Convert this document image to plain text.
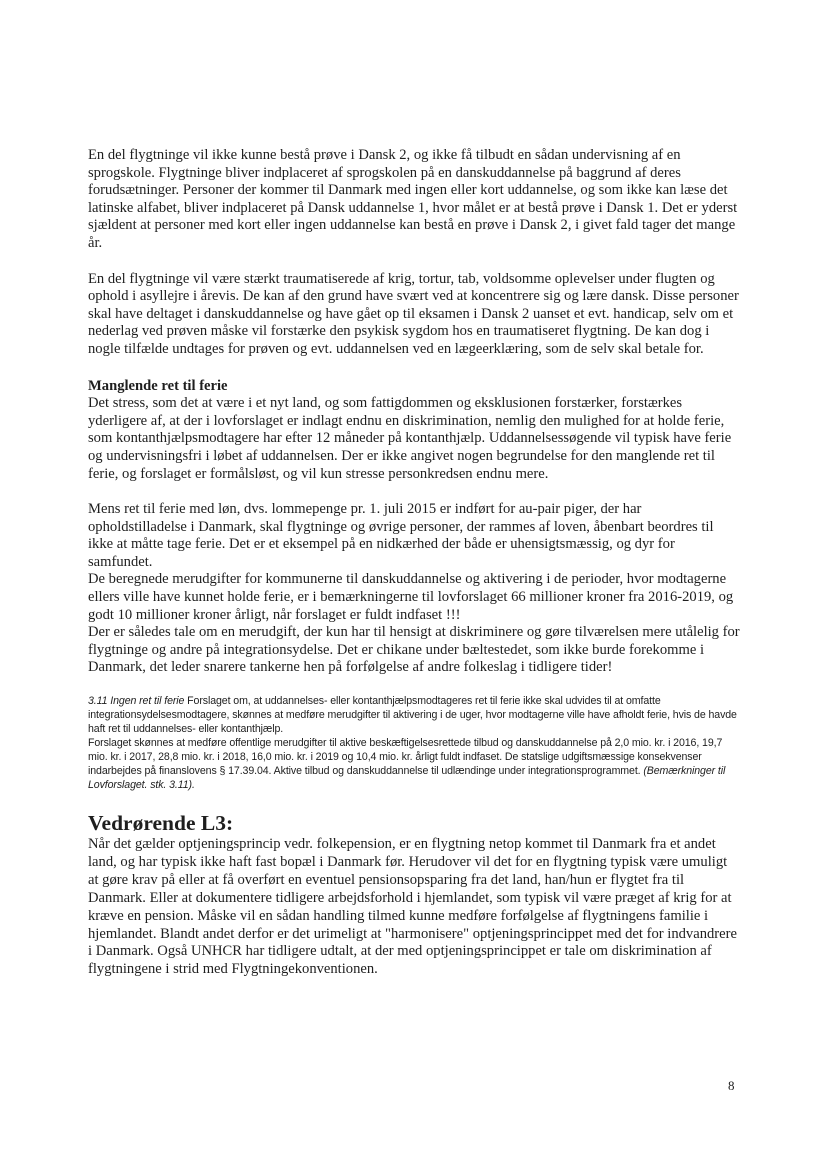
En del flygtninge vil ikke kunne bestå prøve i Dansk 2, og ikke få tilbudt en sådan undervisning af en sprogskole. Flygtninge bliver indplaceret af sprogskolen på en danskuddannelse på baggrund af deres forudsætninger. Personer der kommer til Danmark med ingen eller kort uddannelse, og som ikke kan læse det latinske alfabet, bliver indplaceret på Dansk uddannelse 1, hvor målet er at bestå prøve i Dansk 1. Det er yderst sjældent at personer med kort eller ingen uddannelse kan bestå en prøve i Dansk 2, i givet fald tager det mange år.

En del flygtninge vil være stærkt traumatiserede af krig, tortur, tab, voldsomme oplevelser under flugten og ophold i asyllejre i årevis. De kan af den grund have svært ved at koncentrere sig og lære dansk. Disse personer skal have deltaget i danskuddannelse og have gået op til eksamen i Dansk 2 uanset et evt. handicap, selv om et nederlag ved prøven måske vil forstærke den psykisk sygdom hos en traumatiseret flygtning. De kan dog i nogle tilfælde undtages for prøven og evt. uddannelsen ved en lægeerklæring, som de selv skal betale for.

Manglende ret til ferie

Det stress, som det at være i et nyt land, og som fattigdommen og eksklusionen forstærker, forstærkes yderligere af, at der i lovforslaget er indlagt endnu en diskrimination, nemlig den mulighed for at holde ferie, som kontanthjælpsmodtagere har efter 12 måneder på kontanthjælp. Uddannelsessøgende vil typisk have ferie og undervisningsfri i løbet af uddannelsen. Der er ikke angivet nogen begrundelse for den manglende ret til ferie, og forslaget er formålsløst, og vil kun stresse personkredsen endnu mere.

Mens ret til ferie med løn, dvs. lommepenge pr. 1. juli 2015 er indført for au-pair piger, der har opholdstilladelse i Danmark, skal flygtninge og øvrige personer, der rammes af loven, åbenbart beordres til ikke at måtte tage ferie. Det er et eksempel på en nidkærhed der både er uhensigtsmæssig, og dyr for samfundet.

De beregnede merudgifter for kommunerne til danskuddannelse og aktivering i de perioder, hvor modtagerne ellers ville have kunnet holde ferie, er i bemærkningerne til lovforslaget 66 millioner kroner fra 2016-2019, og godt 10 millioner kroner årligt, når forslaget er fuldt indfaset !!!

Der er således tale om en merudgift, der kun har til hensigt at diskriminere og gøre tilværelsen mere utålelig for flygtninge og andre på integrationsydelse. Det er chikane under bæltestedet, som ikke burde forekomme i Danmark, det leder snarere tankerne hen på forfølgelse af andre folkeslag i tidligere tider!

3.11 Ingen ret til ferie Forslaget om, at uddannelses- eller kontanthjælpsmodtageres ret til ferie ikke skal udvides til at omfatte integrationsydelsesmodtagere, skønnes at medføre merudgifter til aktivering i de uger, hvor modtagerne ville have afholdt ferie, hvis de havde haft ret til uddannelses- eller kontanthjælp.

Forslaget skønnes at medføre offentlige merudgifter til aktive beskæftigelsesrettede tilbud og danskuddannelse på 2,0 mio. kr. i 2016, 19,7 mio. kr. i 2017, 28,8 mio. kr. i 2018, 16,0 mio. kr. i 2019 og 10,4 mio. kr. årligt fuldt indfaset. De statslige udgiftsmæssige konsekvenser indarbejdes på finanslovens § 17.39.04. Aktive tilbud og danskuddannelse til udlændinge under integrationsprogrammet. (Bemærkninger til Lovforslaget. stk. 3.11).

Vedrørende L3:

Når det gælder optjeningsprincip vedr. folkepension, er en flygtning netop kommet til Danmark fra et andet land, og har typisk ikke haft fast bopæl i Danmark før. Herudover vil det for en flygtning typisk være umuligt at gøre krav på eller at få overført en eventuel pensionsopsparing fra det land, han/hun er flygtet fra til Danmark. Eller at dokumentere tidligere arbejdsforhold i hjemlandet, som typisk vil være præget af krig for at kræve en pension. Måske vil en sådan handling tilmed kunne medføre forfølgelse af flygtningens familie i hjemlandet. Blandt andet derfor er det urimeligt at "harmonisere" optjeningsprincippet med det for indvandrere i Danmark. Også UNHCR har tidligere udtalt, at der med optjeningsprincippet er tale om diskrimination af flygtningene i strid med Flygtningekonventionen.

8
